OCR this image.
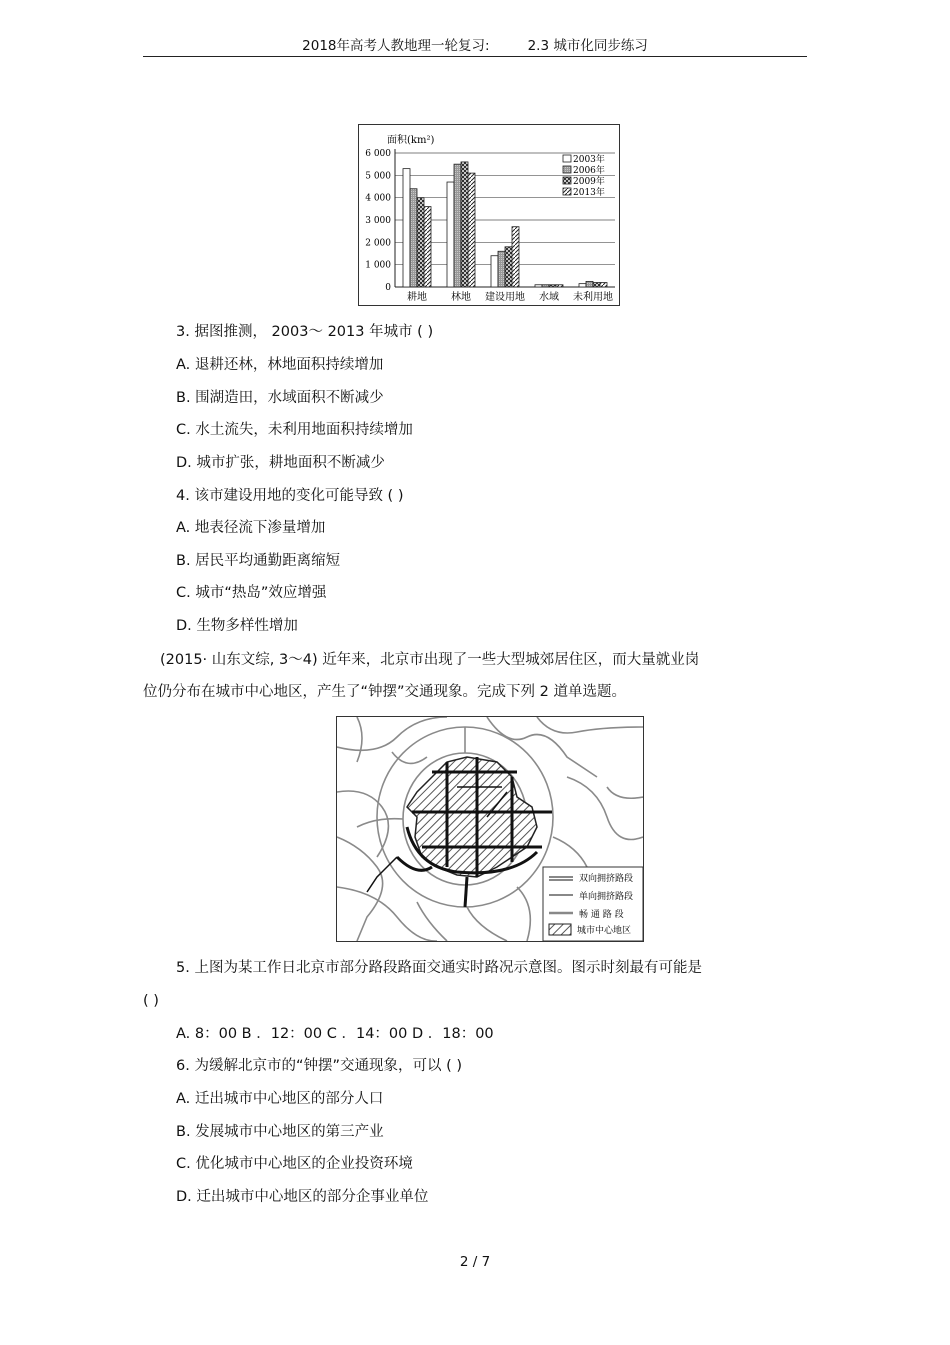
2018年高考人教地理一轮复习:	2.3 城市化同步练习
面积(km²)
6 000
5 000
4 000
3 000
2 000
1 000
0
耕地 林地 建设用地 水域 未利用地
2003年
2006年
2009年
2013年
3. 据图推测， 2003～ 2013 年城市 ( )
A. 退耕还林，林地面积持续增加
B. 围湖造田，水域面积不断减少
C. 水土流失，未利用地面积持续增加
D. 城市扩张，耕地面积不断减少
4. 该市建设用地的变化可能导致 ( )
A. 地表径流下渗量增加
B. 居民平均通勤距离缩短
C. 城市“热岛”效应增强
D. 生物多样性增加
(2015· 山东文综, 3～4) 近年来，北京市出现了一些大型城郊居住区，而大量就业岗
位仍分布在城市中心地区，产生了“钟摆”交通现象。完成下列 2 道单选题。
双向拥挤路段
单向拥挤路段
畅 通 路 段
城市中心地区
5. 上图为某工作日北京市部分路段路面交通实时路况示意图。图示时刻最有可能是
( )
A. 8：00 B ．12：00 C ．14：00 D ．18：00
6. 为缓解北京市的“钟摆”交通现象，可以 ( )
A. 迁出城市中心地区的部分人口
B. 发展城市中心地区的第三产业
C. 优化城市中心地区的企业投资环境
D. 迁出城市中心地区的部分企事业单位
2 / 7
